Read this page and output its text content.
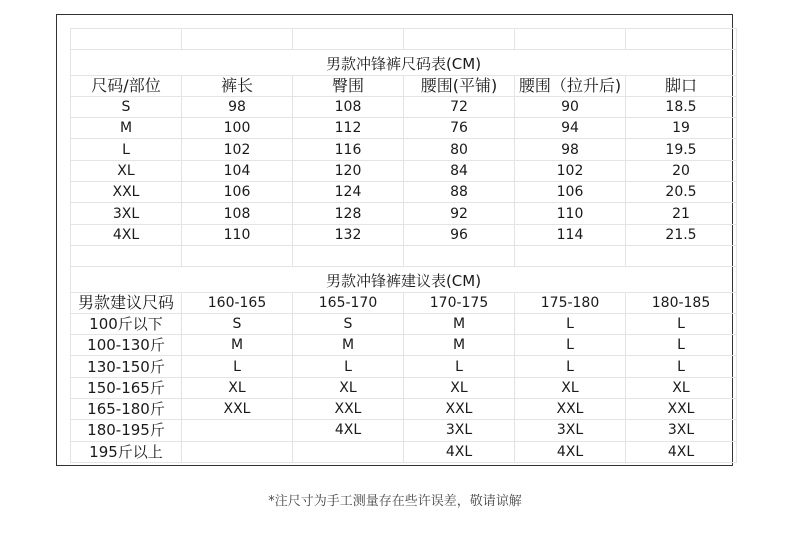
男款冲锋裤尺码表(CM)					
尺码/部位	裤长	臀围	腰围(平铺)	腰围（拉升后)	脚口
S	98	108	72	90	18.5
M	100	112	76	94	19
L	102	116	80	98	19.5
XL	104	120	84	102	20
XXL	106	124	88	106	20.5
3XL	108	128	92	110	21
4XL	110	132	96	114	21.5

男款冲锋裤建议表(CM)					
男款建议尺码	160-165	165-170	170-175	175-180	180-185
100斤以下	S	S	M	L	L
100-130斤	M	M	M	L	L
130-150斤	L	L	L	L	L
150-165斤	XL	XL	XL	XL	XL
165-180斤	XXL	XXL	XXL	XXL	XXL
180-195斤		4XL	3XL	3XL	3XL
195斤以上			4XL	4XL	4XL
*注尺寸为手工测量存在些许误差，敬请谅解
